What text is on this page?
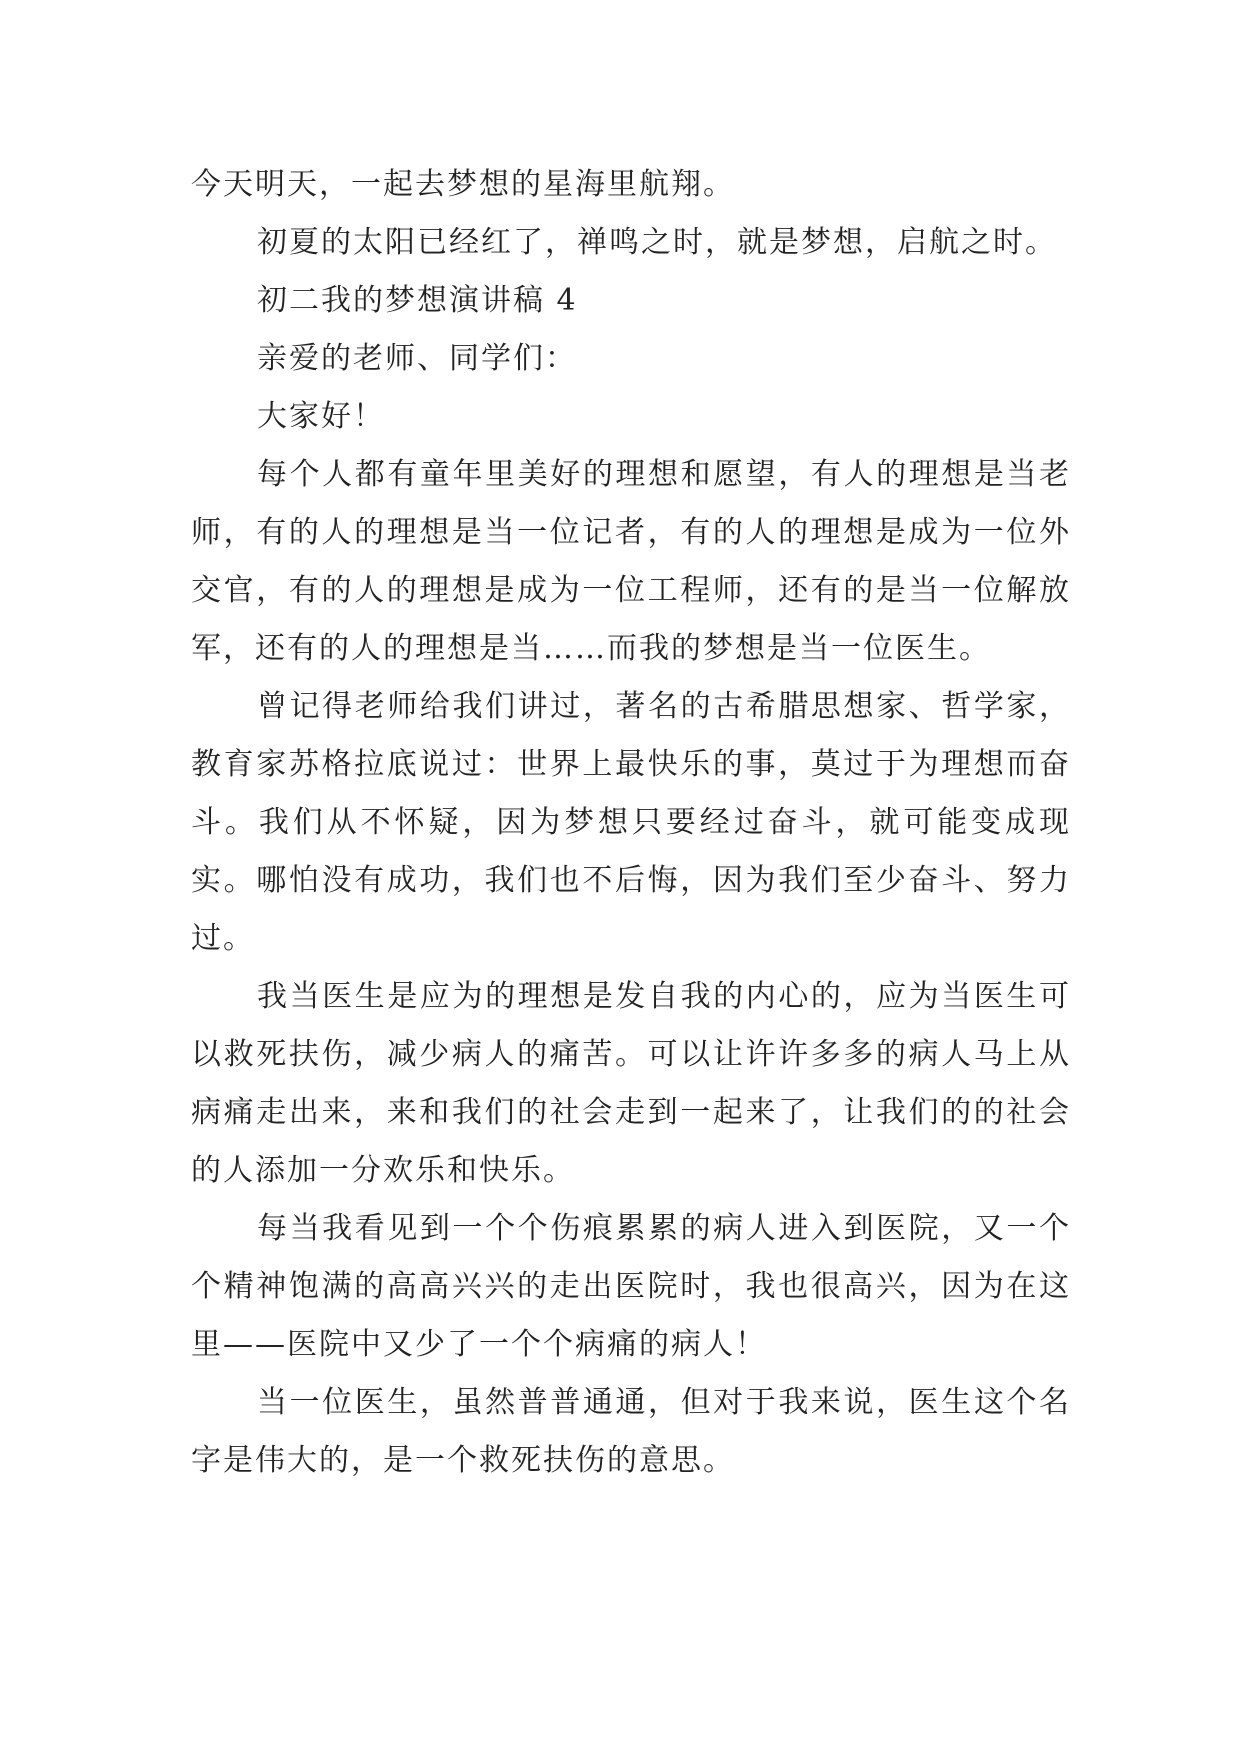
今天明天，一起去梦想的星海里航翔。

初夏的太阳已经红了，禅鸣之时，就是梦想，启航之时。

初二我的梦想演讲稿 4

亲爱的老师、同学们：

大家好！

每个人都有童年里美好的理想和愿望，有人的理想是当老师，有的人的理想是当一位记者，有的人的理想是成为一位外交官，有的人的理想是成为一位工程师，还有的是当一位解放军，还有的人的理想是当……而我的梦想是当一位医生。

曾记得老师给我们讲过，著名的古希腊思想家、哲学家，教育家苏格拉底说过：世界上最快乐的事，莫过于为理想而奋斗。我们从不怀疑，因为梦想只要经过奋斗，就可能变成现实。哪怕没有成功，我们也不后悔，因为我们至少奋斗、努力过。

我当医生是应为的理想是发自我的内心的，应为当医生可以救死扶伤，减少病人的痛苦。可以让许许多多的病人马上从病痛走出来，来和我们的社会走到一起来了，让我们的的社会的人添加一分欢乐和快乐。

每当我看见到一个个伤痕累累的病人进入到医院，又一个个精神饱满的高高兴兴的走出医院时，我也很高兴，因为在这里——医院中又少了一个个病痛的病人！

当一位医生，虽然普普通通，但对于我来说，医生这个名字是伟大的，是一个救死扶伤的意思。
